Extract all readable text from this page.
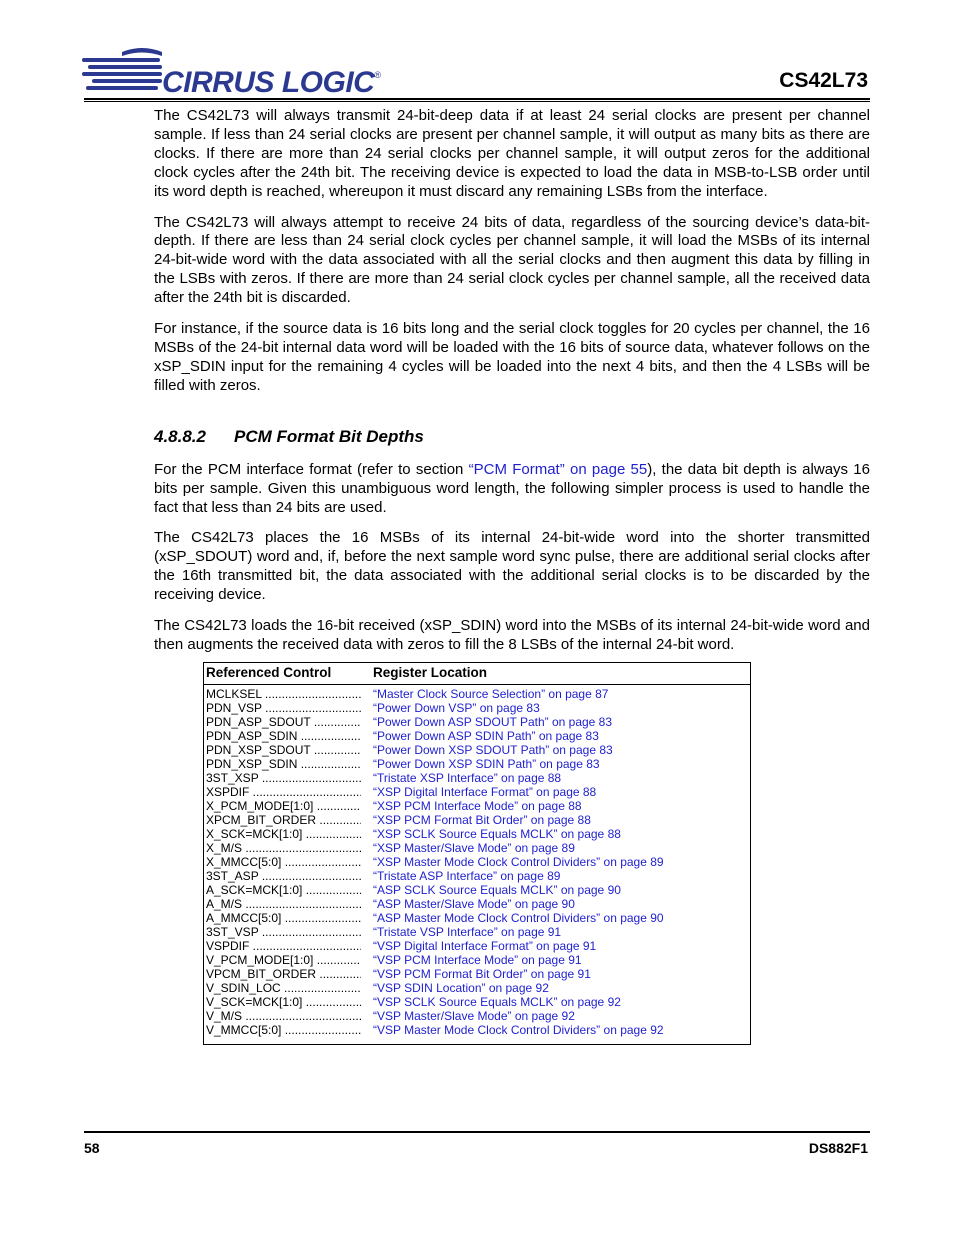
CIRRUS LOGIC®	CS42L73

The CS42L73 will always transmit 24-bit-deep data if at least 24 serial clocks are present per channel sample. If less than 24 serial clocks are present per channel sample, it will output as many bits as there are clocks. If there are more than 24 serial clocks per channel sample, it will output zeros for the additional clock cycles after the 24th bit. The receiving device is expected to load the data in MSB-to-LSB order until its word depth is reached, whereupon it must discard any remaining LSBs from the interface.

The CS42L73 will always attempt to receive 24 bits of data, regardless of the sourcing device’s data-bit-depth. If there are less than 24 serial clock cycles per channel sample, it will load the MSBs of its internal 24-bit-wide word with the data associated with all the serial clocks and then augment this data by filling in the LSBs with zeros. If there are more than 24 serial clock cycles per channel sample, all the received data after the 24th bit is discarded.

For instance, if the source data is 16 bits long and the serial clock toggles for 20 cycles per channel, the 16 MSBs of the 24-bit internal data word will be loaded with the 16 bits of source data, whatever follows on the xSP_SDIN input for the remaining 4 cycles will be loaded into the next 4 bits, and then the 4 LSBs will be filled with zeros.

4.8.8.2 PCM Format Bit Depths

For the PCM interface format (refer to section “PCM Format” on page 55), the data bit depth is always 16 bits per sample. Given this unambiguous word length, the following simpler process is used to handle the fact that less than 24 bits are used.

The CS42L73 places the 16 MSBs of its internal 24-bit-wide word into the shorter transmitted (xSP_SDOUT) word and, if, before the next sample word sync pulse, there are additional serial clocks after the 16th transmitted bit, the data associated with the additional serial clocks is to be discarded by the receiving device.

The CS42L73 loads the 16-bit received (xSP_SDIN) word into the MSBs of its internal 24-bit-wide word and then augments the received data with zeros to fill the 8 LSBs of the internal 24-bit word.

Referenced Control	Register Location
MCLKSEL .....	“Master Clock Source Selection” on page 87
PDN_VSP .....	“Power Down VSP” on page 83
PDN_ASP_SDOUT .....	“Power Down ASP SDOUT Path” on page 83
PDN_ASP_SDIN .....	“Power Down ASP SDIN Path” on page 83
PDN_XSP_SDOUT .....	“Power Down XSP SDOUT Path” on page 83
PDN_XSP_SDIN .....	“Power Down XSP SDIN Path” on page 83
3ST_XSP .....	“Tristate XSP Interface” on page 88
XSPDIF .....	“XSP Digital Interface Format” on page 88
X_PCM_MODE[1:0] .....	“XSP PCM Interface Mode” on page 88
XPCM_BIT_ORDER .....	“XSP PCM Format Bit Order” on page 88
X_SCK=MCK[1:0] .....	“XSP SCLK Source Equals MCLK” on page 88
X_M/S .....	“XSP Master/Slave Mode” on page 89
X_MMCC[5:0] .....	“XSP Master Mode Clock Control Dividers” on page 89
3ST_ASP .....	“Tristate ASP Interface” on page 89
A_SCK=MCK[1:0] .....	“ASP SCLK Source Equals MCLK” on page 90
A_M/S .....	“ASP Master/Slave Mode” on page 90
A_MMCC[5:0] .....	“ASP Master Mode Clock Control Dividers” on page 90
3ST_VSP .....	“Tristate VSP Interface” on page 91
VSPDIF .....	“VSP Digital Interface Format” on page 91
V_PCM_MODE[1:0] .....	“VSP PCM Interface Mode” on page 91
VPCM_BIT_ORDER .....	“VSP PCM Format Bit Order” on page 91
V_SDIN_LOC .....	“VSP SDIN Location” on page 92
V_SCK=MCK[1:0] .....	“VSP SCLK Source Equals MCLK” on page 92
V_M/S .....	“VSP Master/Slave Mode” on page 92
V_MMCC[5:0] .....	“VSP Master Mode Clock Control Dividers” on page 92
58	DS882F1
